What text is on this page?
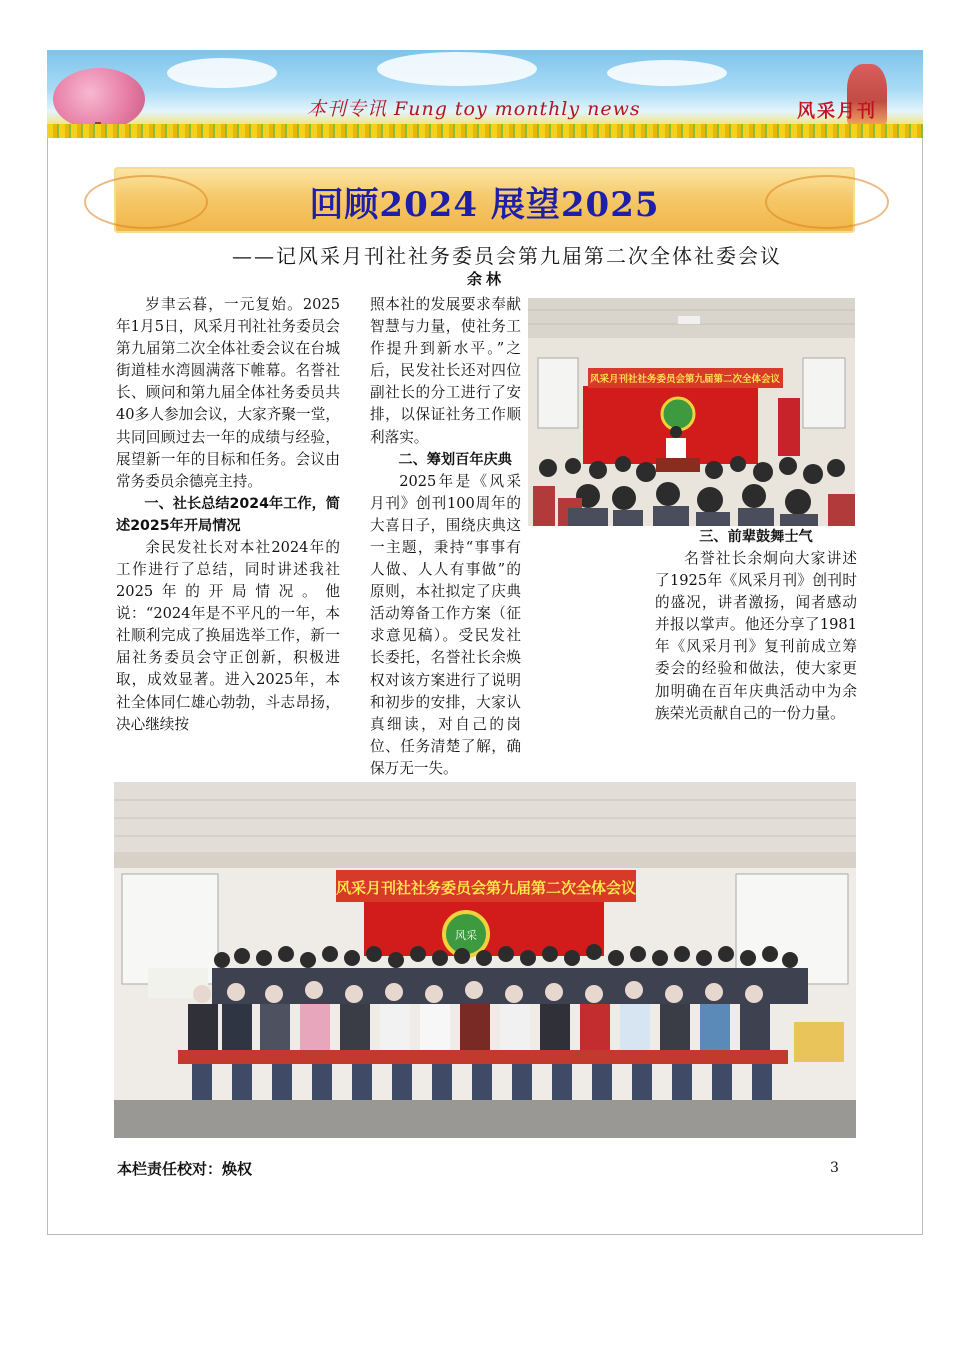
本刊专讯 Fung toy monthly news	风采月刊
回顾2024 展望2025
——记风采月刊社社务委员会第九届第二次全体社委会议
余林

岁聿云暮，一元复始。2025年1月5日，风采月刊社社务委员会第九届第二次全体社委会议在台城街道桂水湾圆满落下帷幕。名誉社长、顾问和第九届全体社务委员共40多人参加会议，大家齐聚一堂，共同回顾过去一年的成绩与经验，展望新一年的目标和任务。会议由常务委员余德亮主持。

一、社长总结2024年工作，简述2025年开局情况

余民发社长对本社2024年的工作进行了总结，同时讲述我社2025年的开局情况。他说：“2024年是不平凡的一年，本社顺利完成了换届选举工作，新一届社务委员会守正创新，积极进取，成效显著。进入2025年，本社全体同仁雄心勃勃，斗志昂扬，决心继续按

照本社的发展要求奉献智慧与力量，使社务工作提升到新水平。”之后，民发社长还对四位副社长的分工进行了安排，以保证社务工作顺利落实。

二、筹划百年庆典

2025年是《风采月刊》创刊100周年的大喜日子，围绕庆典这一主题，秉持“事事有人做、人人有事做”的原则，本社拟定了庆典活动筹备工作方案（征求意见稿）。受民发社长委托，名誉社长余焕权对该方案进行了说明和初步的安排，大家认真细读，对自己的岗位、任务清楚了解，确保万无一失。

风采月刊社社务委员会第九届第二次全体会议
三、前辈鼓舞士气

名誉社长余炯向大家讲述了1925年《风采月刊》创刊时的盛况，讲者激扬，闻者感动并报以掌声。他还分享了1981年《风采月刊》复刊前成立筹委会的经验和做法，使大家更加明确在百年庆典活动中为余族荣光贡献自己的一份力量。

风采月刊社社务委员会第九届第二次全体会议
风采
本栏责任校对：焕权	3
